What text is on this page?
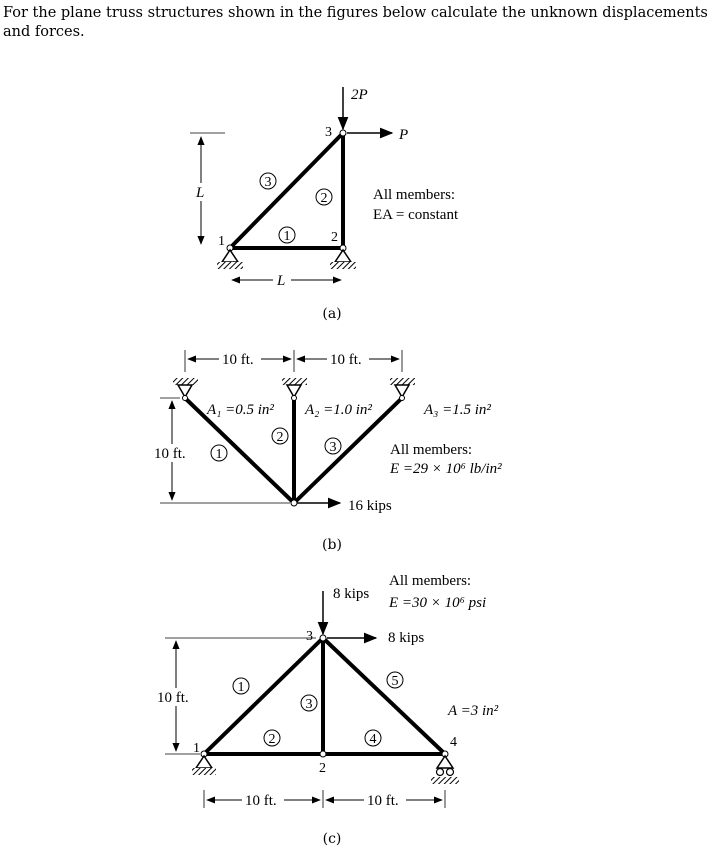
For the plane truss structures shown in the figures below calculate the unknown displacements and forces.
2P
P
1	2
3
1
2
3
L
L
All members:
EA = constant
(a)
10 ft.	10 ft.
10 ft.
A₁ =0.5 in² A₂ =1.0 in²	A₃ =1.5 in²
1
2
3
16 kips
All members:
E =29 × 10⁶ lb/in²
(b)
8 kips
8 kips
All members:
E =30 × 10⁶ psi
A =3 in²
1
2
3
4
1
2
3
4
5
10 ft.
10 ft.	10 ft.
(c)
